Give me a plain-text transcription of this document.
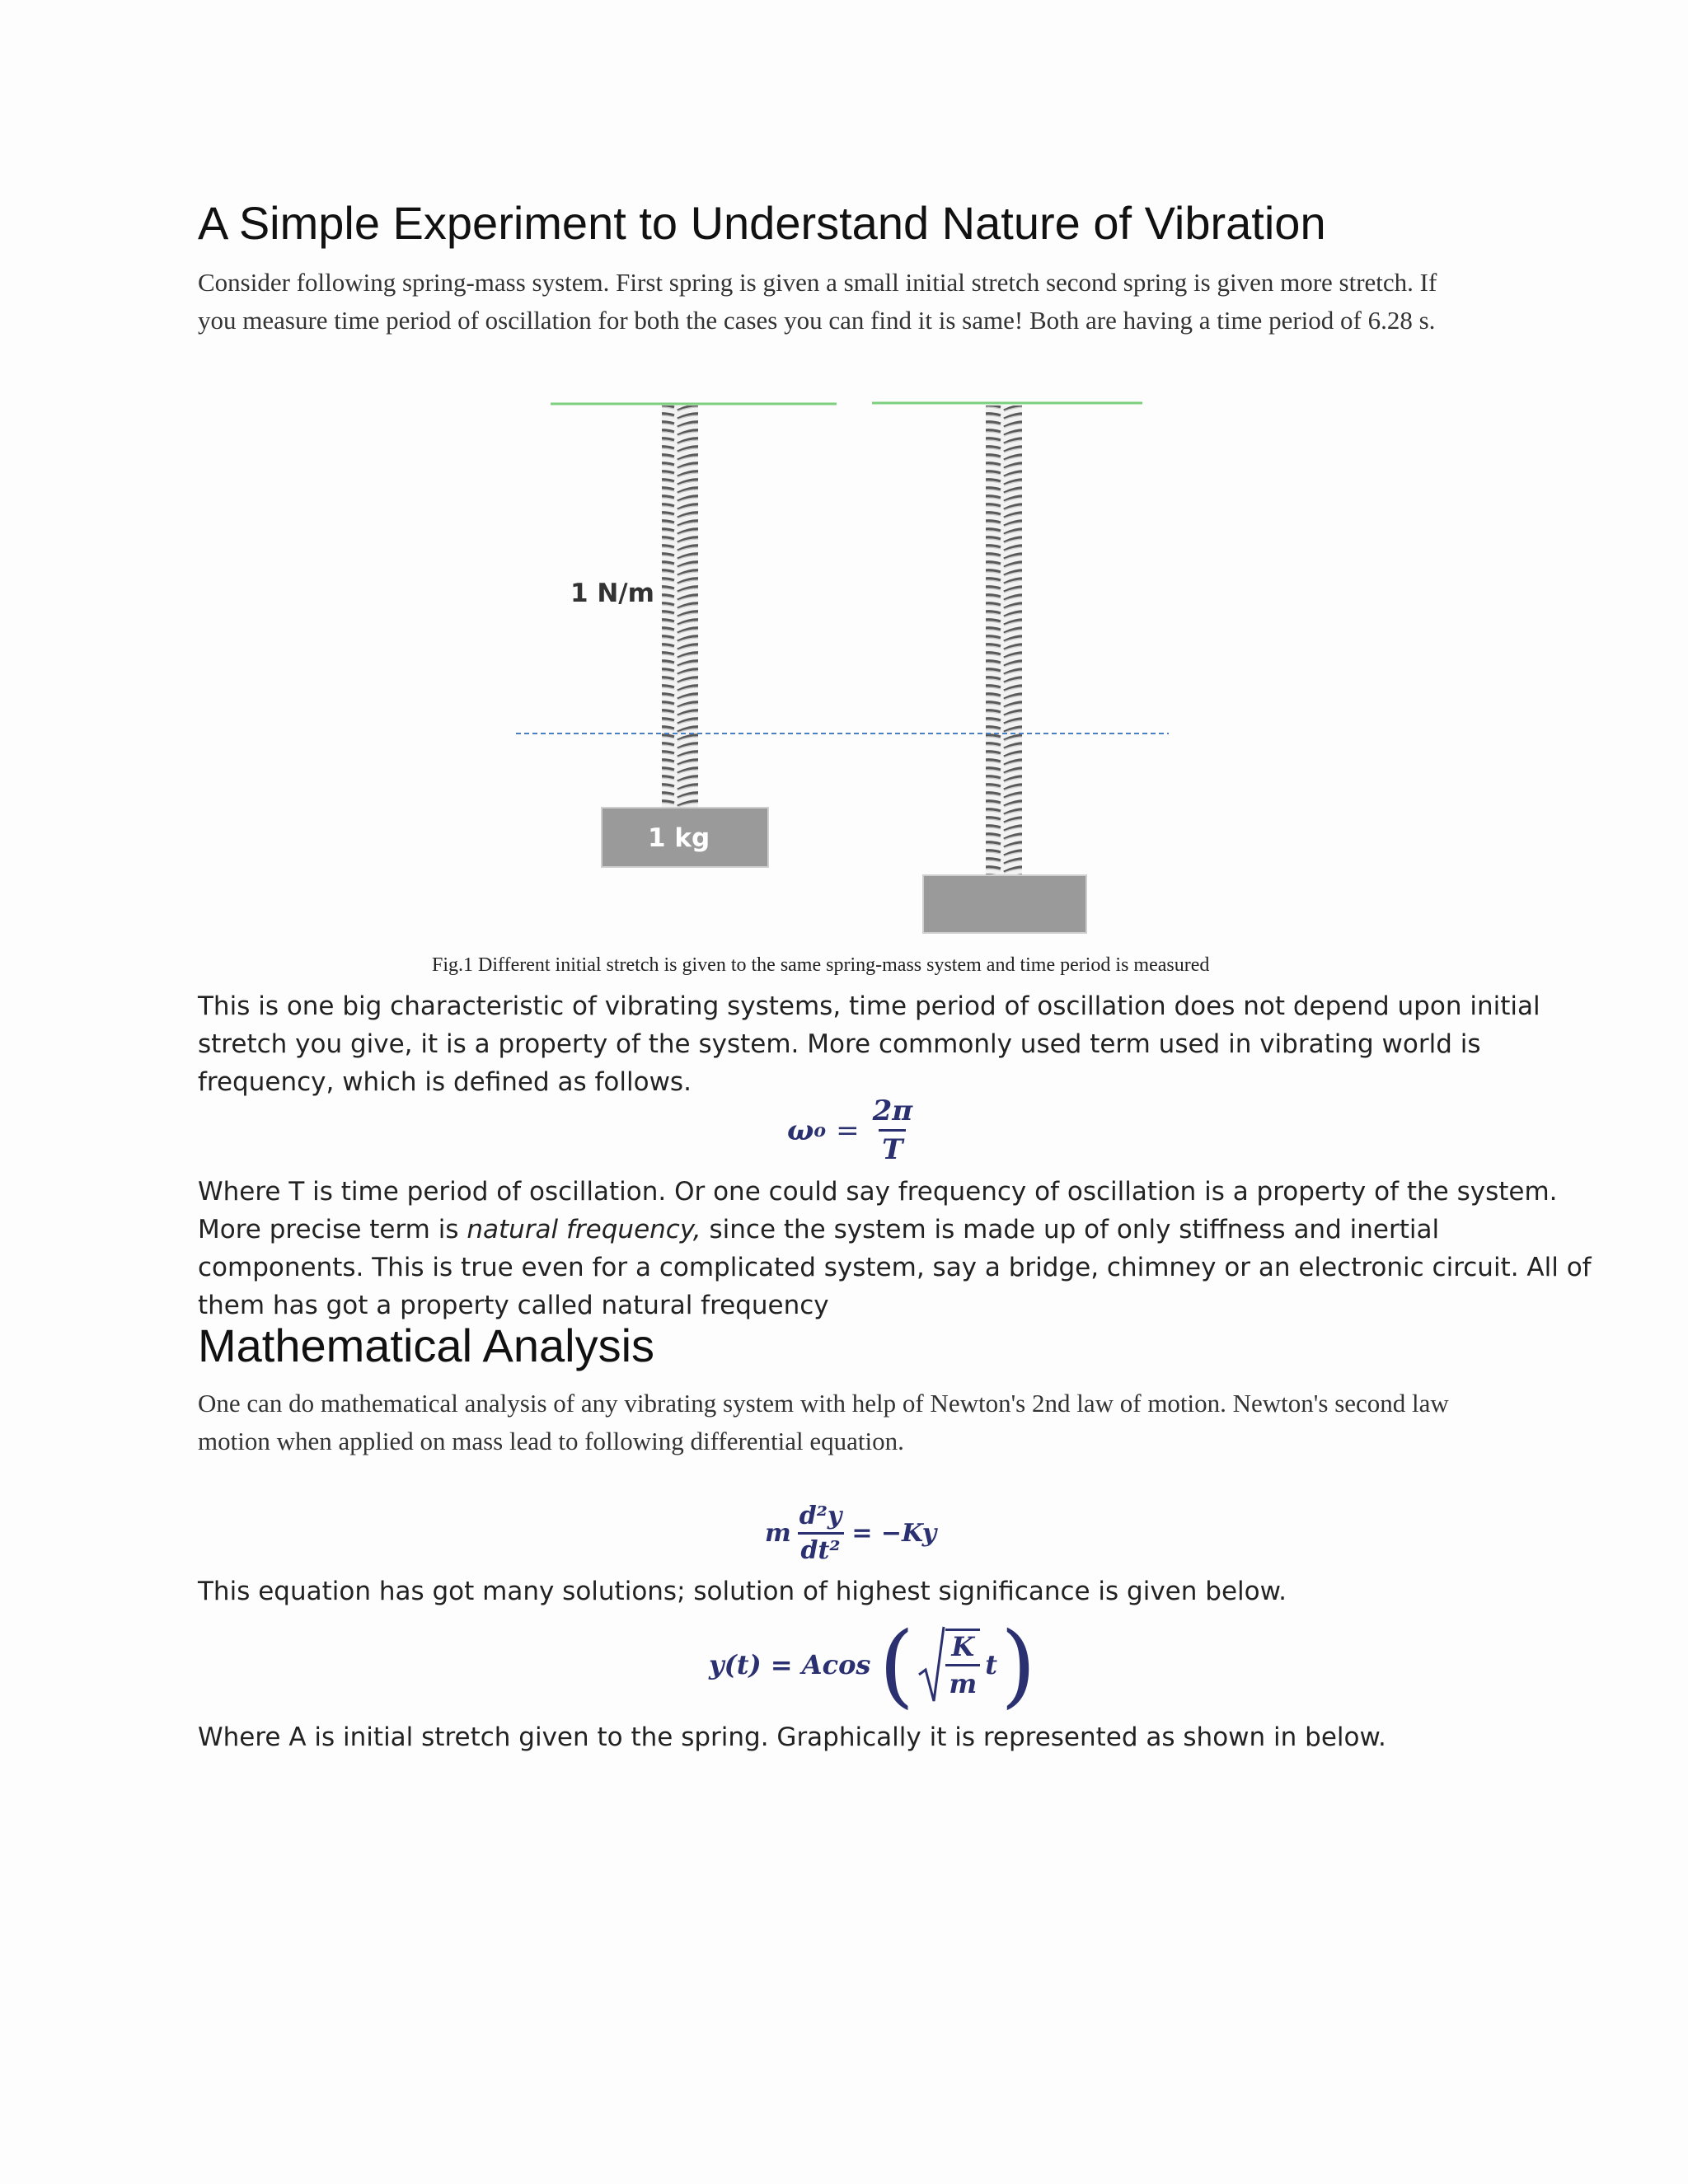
A Simple Experiment to Understand Nature of Vibration
Consider following spring-mass system. First spring is given a small initial stretch second spring is given more stretch. If
you measure time period of oscillation for both the cases you can find it is same! Both are having a time period of 6.28 s.
1 N/m
1 kg
Fig.1 Different initial stretch is given to the same spring-mass system and time period is measured
This is one big characteristic of vibrating systems, time period of oscillation does not depend upon initial
stretch you give, it is a property of the system. More commonly used term used in vibrating world is
frequency, which is defined as follows.
ω $o = \frac{2\pi}{T}$
Where T is time period of oscillation. Or one could say frequency of oscillation is a property of the system.
More precise term is natural frequency, since the system is made up of only stiffness and inertial
components. This is true even for a complicated system, say a bridge, chimney or an electronic circuit. All of
them has got a property called natural frequency
Mathematical Analysis
One can do mathematical analysis of any vibrating system with help of Newton's 2nd law of motion. Newton's second law
motion when applied on mass lead to following differential equation.
m $\frac{\text{d²y}}{\text{dt²}} = -Ky$
This equation has got many solutions; solution of highest significance is given below.
y(t) = Acos ( $\frac{K}{m}$ t )
Where A is initial stretch given to the spring. Graphically it is represented as shown in below.
